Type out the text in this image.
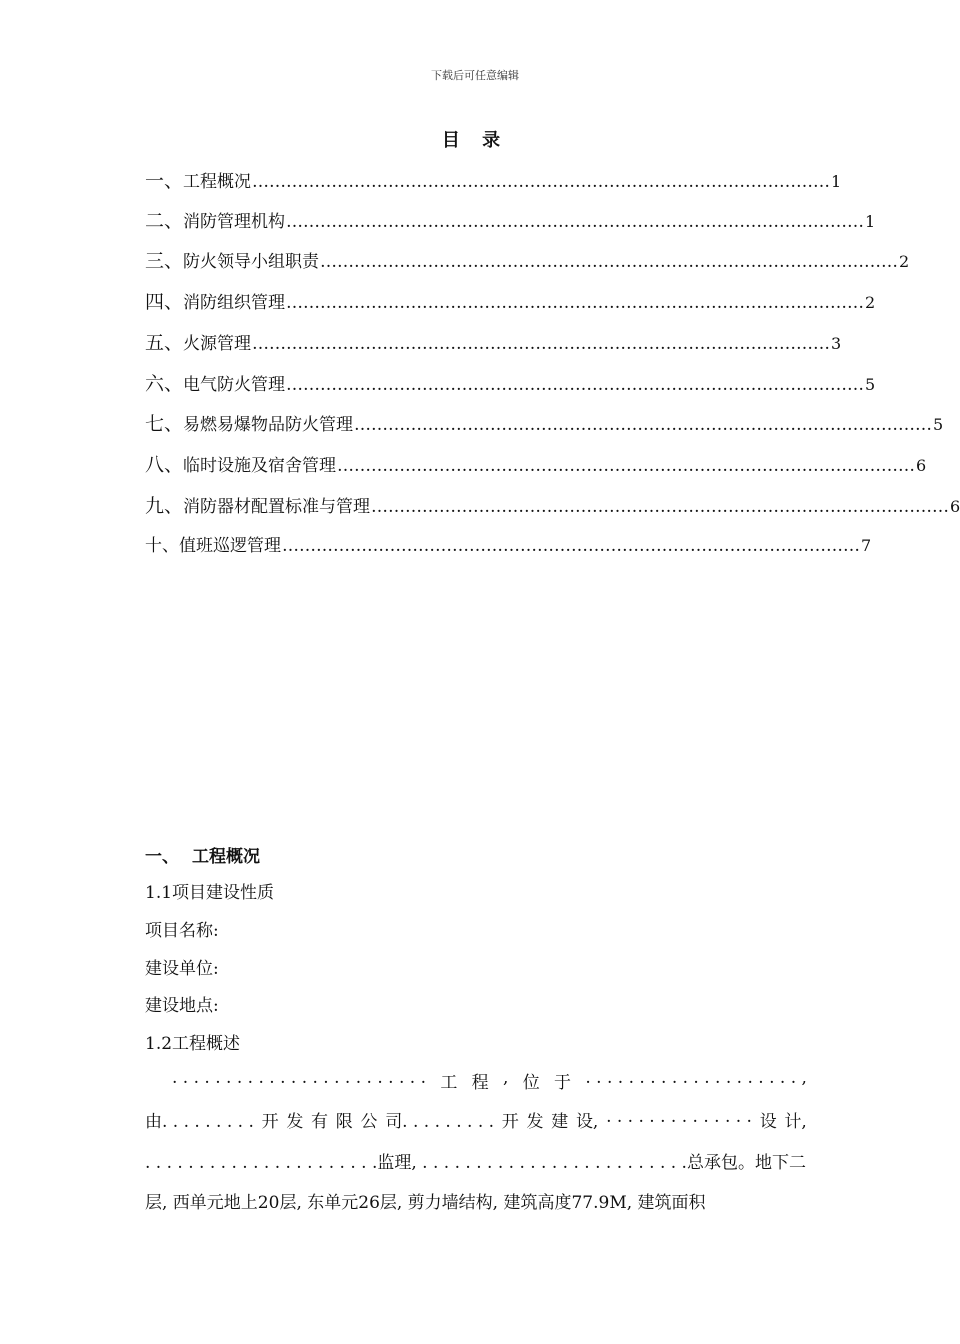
下载后可任意编辑
目 录
一、 工程概况 ………………………………………………………………………………………… 1
二、 消防管理机构 ………………………………………………………………………………………… 1
三、 防火领导小组职责 ………………………………………………………………………………………… 2
四、 消防组织管理 ………………………………………………………………………………………… 2
五、 火源管理 ………………………………………………………………………………………… 3
六、 电气防火管理 ………………………………………………………………………………………… 5
七、 易燃易爆物品防火管理 ………………………………………………………………………………………… 5
八、 临时设施及宿舍管理 ………………………………………………………………………………………… 6
九、 消防器材配置标准与管理 ………………………………………………………………………………………… 6
十、 值班巡逻管理 ………………………………………………………………………………………… 7
一、 工程概况
1.1项目建设性质
项目名称:
建设单位:
建设地点:
1.2工程概述
. . . . . . . . . . . . . . . . . . . . . . . . 工 程 , 位 于 . . . . . . . . . . . . . . . . . . . . ,
由. . . . . . . . . 开 发 有 限 公 司. . . . . . . . . 开 发 建 设, . . . . . . . . . . . . . . 设 计,
. . . . . . . . . . . . . . . . . . . . . .监理, . . . . . . . . . . . . . . . . . . . . . . . . .总承包。地下二
层, 西单元地上20层, 东单元26层, 剪力墙结构, 建筑高度77.9M, 建筑面积
